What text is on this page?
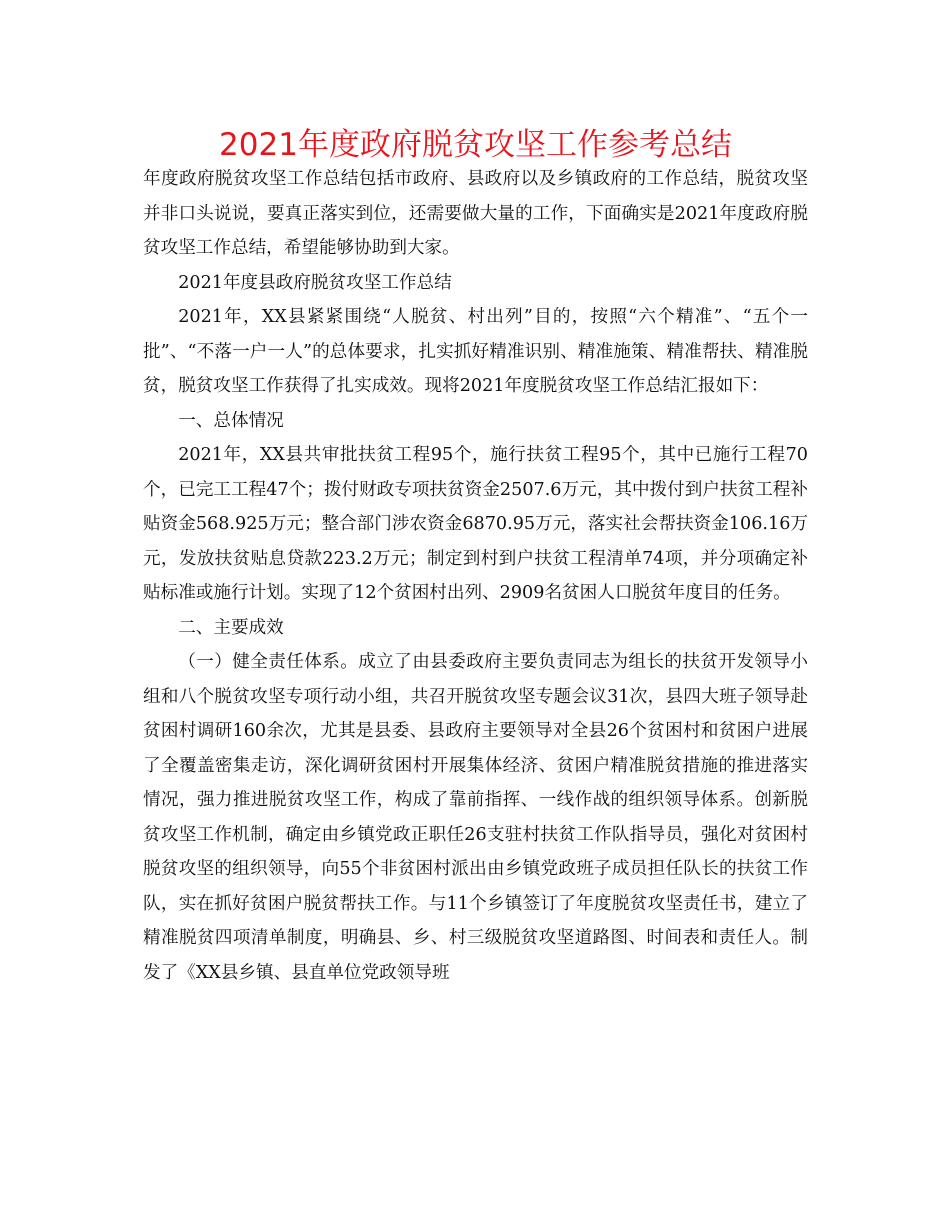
2021年度政府脱贫攻坚工作参考总结

年度政府脱贫攻坚工作总结包括市政府、县政府以及乡镇政府的工作总结，脱贫攻坚并非口头说说，要真正落实到位，还需要做大量的工作，下面确实是2021年度政府脱贫攻坚工作总结，希望能够协助到大家。

2021年度县政府脱贫攻坚工作总结

2021年，XX县紧紧围绕“人脱贫、村出列”目的，按照“六个精准”、“五个一批”、“不落一户一人”的总体要求，扎实抓好精准识别、精准施策、精准帮扶、精准脱贫，脱贫攻坚工作获得了扎实成效。现将2021年度脱贫攻坚工作总结汇报如下：

一、总体情况

2021年，XX县共审批扶贫工程95个，施行扶贫工程95个，其中已施行工程70个，已完工工程47个；拨付财政专项扶贫资金2507.6万元，其中拨付到户扶贫工程补贴资金568.925万元；整合部门涉农资金6870.95万元，落实社会帮扶资金106.16万元，发放扶贫贴息贷款223.2万元；制定到村到户扶贫工程清单74项，并分项确定补贴标准或施行计划。实现了12个贫困村出列、2909名贫困人口脱贫年度目的任务。

二、主要成效

（一）健全责任体系。成立了由县委政府主要负责同志为组长的扶贫开发领导小组和八个脱贫攻坚专项行动小组，共召开脱贫攻坚专题会议31次，县四大班子领导赴贫困村调研160余次，尤其是县委、县政府主要领导对全县26个贫困村和贫困户进展了全覆盖密集走访，深化调研贫困村开展集体经济、贫困户精准脱贫措施的推进落实情况，强力推进脱贫攻坚工作，构成了靠前指挥、一线作战的组织领导体系。创新脱贫攻坚工作机制，确定由乡镇党政正职任26支驻村扶贫工作队指导员，强化对贫困村脱贫攻坚的组织领导，向55个非贫困村派出由乡镇党政班子成员担任队长的扶贫工作队，实在抓好贫困户脱贫帮扶工作。与11个乡镇签订了年度脱贫攻坚责任书，建立了精准脱贫四项清单制度，明确县、乡、村三级脱贫攻坚道路图、时间表和责任人。制发了《XX县乡镇、县直单位党政领导班
